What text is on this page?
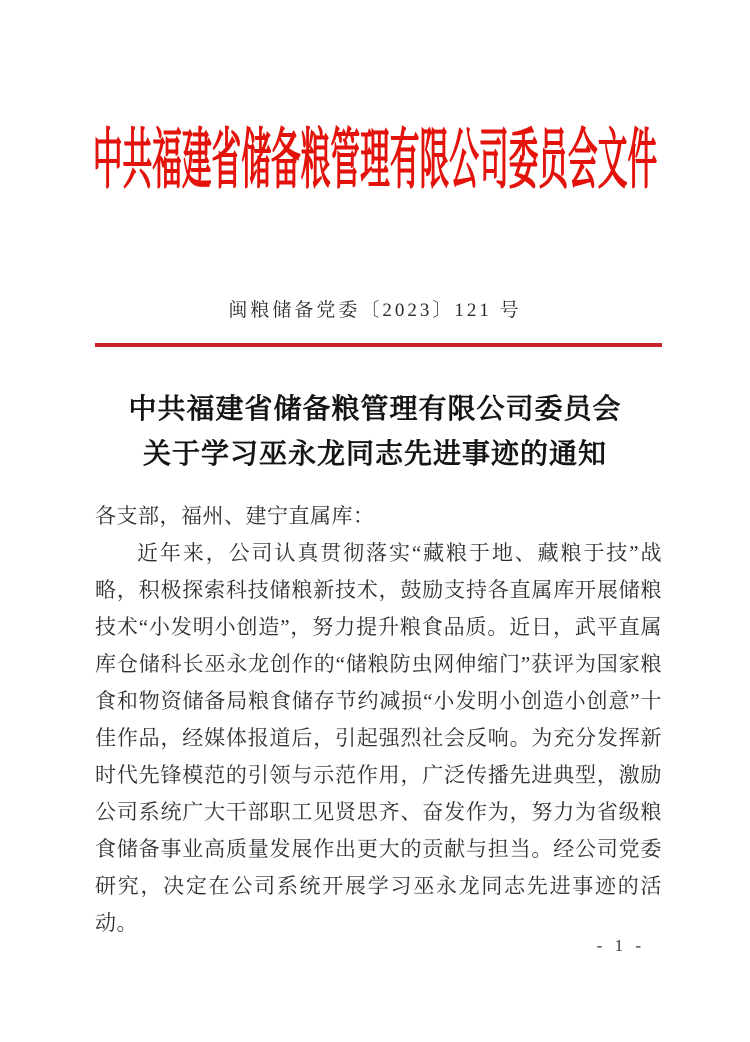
中共福建省储备粮管理有限公司委员会文件
闽粮储备党委〔2023〕121 号
中共福建省储备粮管理有限公司委员会
关于学习巫永龙同志先进事迹的通知

各支部，福州、建宁直属库：

近年来，公司认真贯彻落实“藏粮于地、藏粮于技”战略，积极探索科技储粮新技术，鼓励支持各直属库开展储粮技术“小发明小创造”，努力提升粮食品质。近日，武平直属库仓储科长巫永龙创作的“储粮防虫网伸缩门”获评为国家粮食和物资储备局粮食储存节约减损“小发明小创造小创意”十佳作品，经媒体报道后，引起强烈社会反响。为充分发挥新时代先锋模范的引领与示范作用，广泛传播先进典型，激励公司系统广大干部职工见贤思齐、奋发作为，努力为省级粮食储备事业高质量发展作出更大的贡献与担当。经公司党委研究，决定在公司系统开展学习巫永龙同志先进事迹的活动。

- 1 -
